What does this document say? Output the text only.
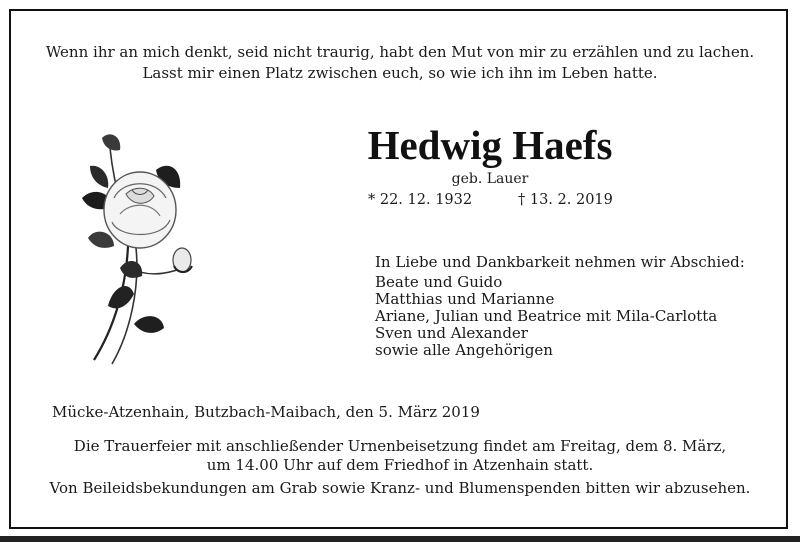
Wenn ihr an mich denkt, seid nicht traurig, habt den Mut von mir zu erzählen und zu lachen.
Lasst mir einen Platz zwischen euch, so wie ich ihn im Leben hatte.
Hedwig Haefs
geb. Lauer
* 22. 12. 1932	† 13. 2. 2019
In Liebe und Dankbarkeit nehmen wir Abschied:
Beate und Guido
Matthias und Marianne
Ariane, Julian und Beatrice mit Mila-Carlotta
Sven und Alexander
sowie alle Angehörigen
Mücke-Atzenhain, Butzbach-Maibach, den 5. März 2019
Die Trauerfeier mit anschließender Urnenbeisetzung findet am Freitag, dem 8. März,
um 14.00 Uhr auf dem Friedhof in Atzenhain statt.
Von Beileidsbekundungen am Grab sowie Kranz- und Blumenspenden bitten wir abzusehen.
